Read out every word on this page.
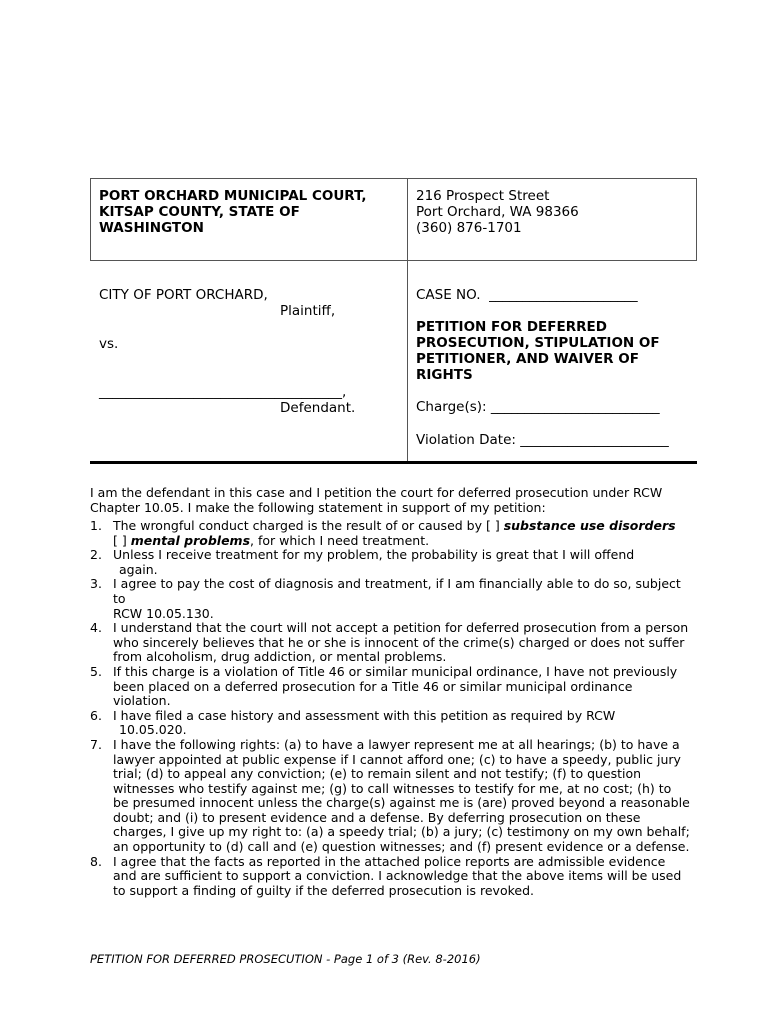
PORT ORCHARD MUNICIPAL COURT, KITSAP COUNTY, STATE OF WASHINGTON
216 Prospect Street
Port Orchard, WA 98366
(360) 876-1701
CITY OF PORT ORCHARD,
Plaintiff,
vs.
____________________________________,
Defendant.
CASE NO.  ______________________
PETITION FOR DEFERRED PROSECUTION, STIPULATION OF PETITIONER, AND WAIVER OF RIGHTS
Charge(s): _________________________
Violation Date: ______________________
I am the defendant in this case and I petition the court for deferred prosecution under RCW Chapter 10.05. I make the following statement in support of my petition:
1. The wrongful conduct charged is the result of or caused by [ ] substance use disorders
[ ] mental problems, for which I need treatment.
2. Unless I receive treatment for my problem, the probability is great that I will offend
again.
3. I agree to pay the cost of diagnosis and treatment, if I am financially able to do so, subject to
RCW 10.05.130.
4. I understand that the court will not accept a petition for deferred prosecution from a person who sincerely believes that he or she is innocent of the crime(s) charged or does not suffer from alcoholism, drug addiction, or mental problems.
5. If this charge is a violation of Title 46 or similar municipal ordinance, I have not previously been placed on a deferred prosecution for a Title 46 or similar municipal ordinance violation.
6. I have filed a case history and assessment with this petition as required by RCW
10.05.020.
7. I have the following rights: (a) to have a lawyer represent me at all hearings; (b) to have a lawyer appointed at public expense if I cannot afford one; (c) to have a speedy, public jury trial; (d) to appeal any conviction; (e) to remain silent and not testify; (f) to question witnesses who testify against me; (g) to call witnesses to testify for me, at no cost; (h) to be presumed innocent unless the charge(s) against me is (are) proved beyond a reasonable doubt; and (i) to present evidence and a defense. By deferring prosecution on these charges, I give up my right to: (a) a speedy trial; (b) a jury; (c) testimony on my own behalf; an opportunity to (d) call and (e) question witnesses; and (f) present evidence or a defense.
8. I agree that the facts as reported in the attached police reports are admissible evidence and are sufficient to support a conviction. I acknowledge that the above items will be used to support a finding of guilty if the deferred prosecution is revoked.
PETITION FOR DEFERRED PROSECUTION - Page 1 of 3 (Rev. 8-2016)
